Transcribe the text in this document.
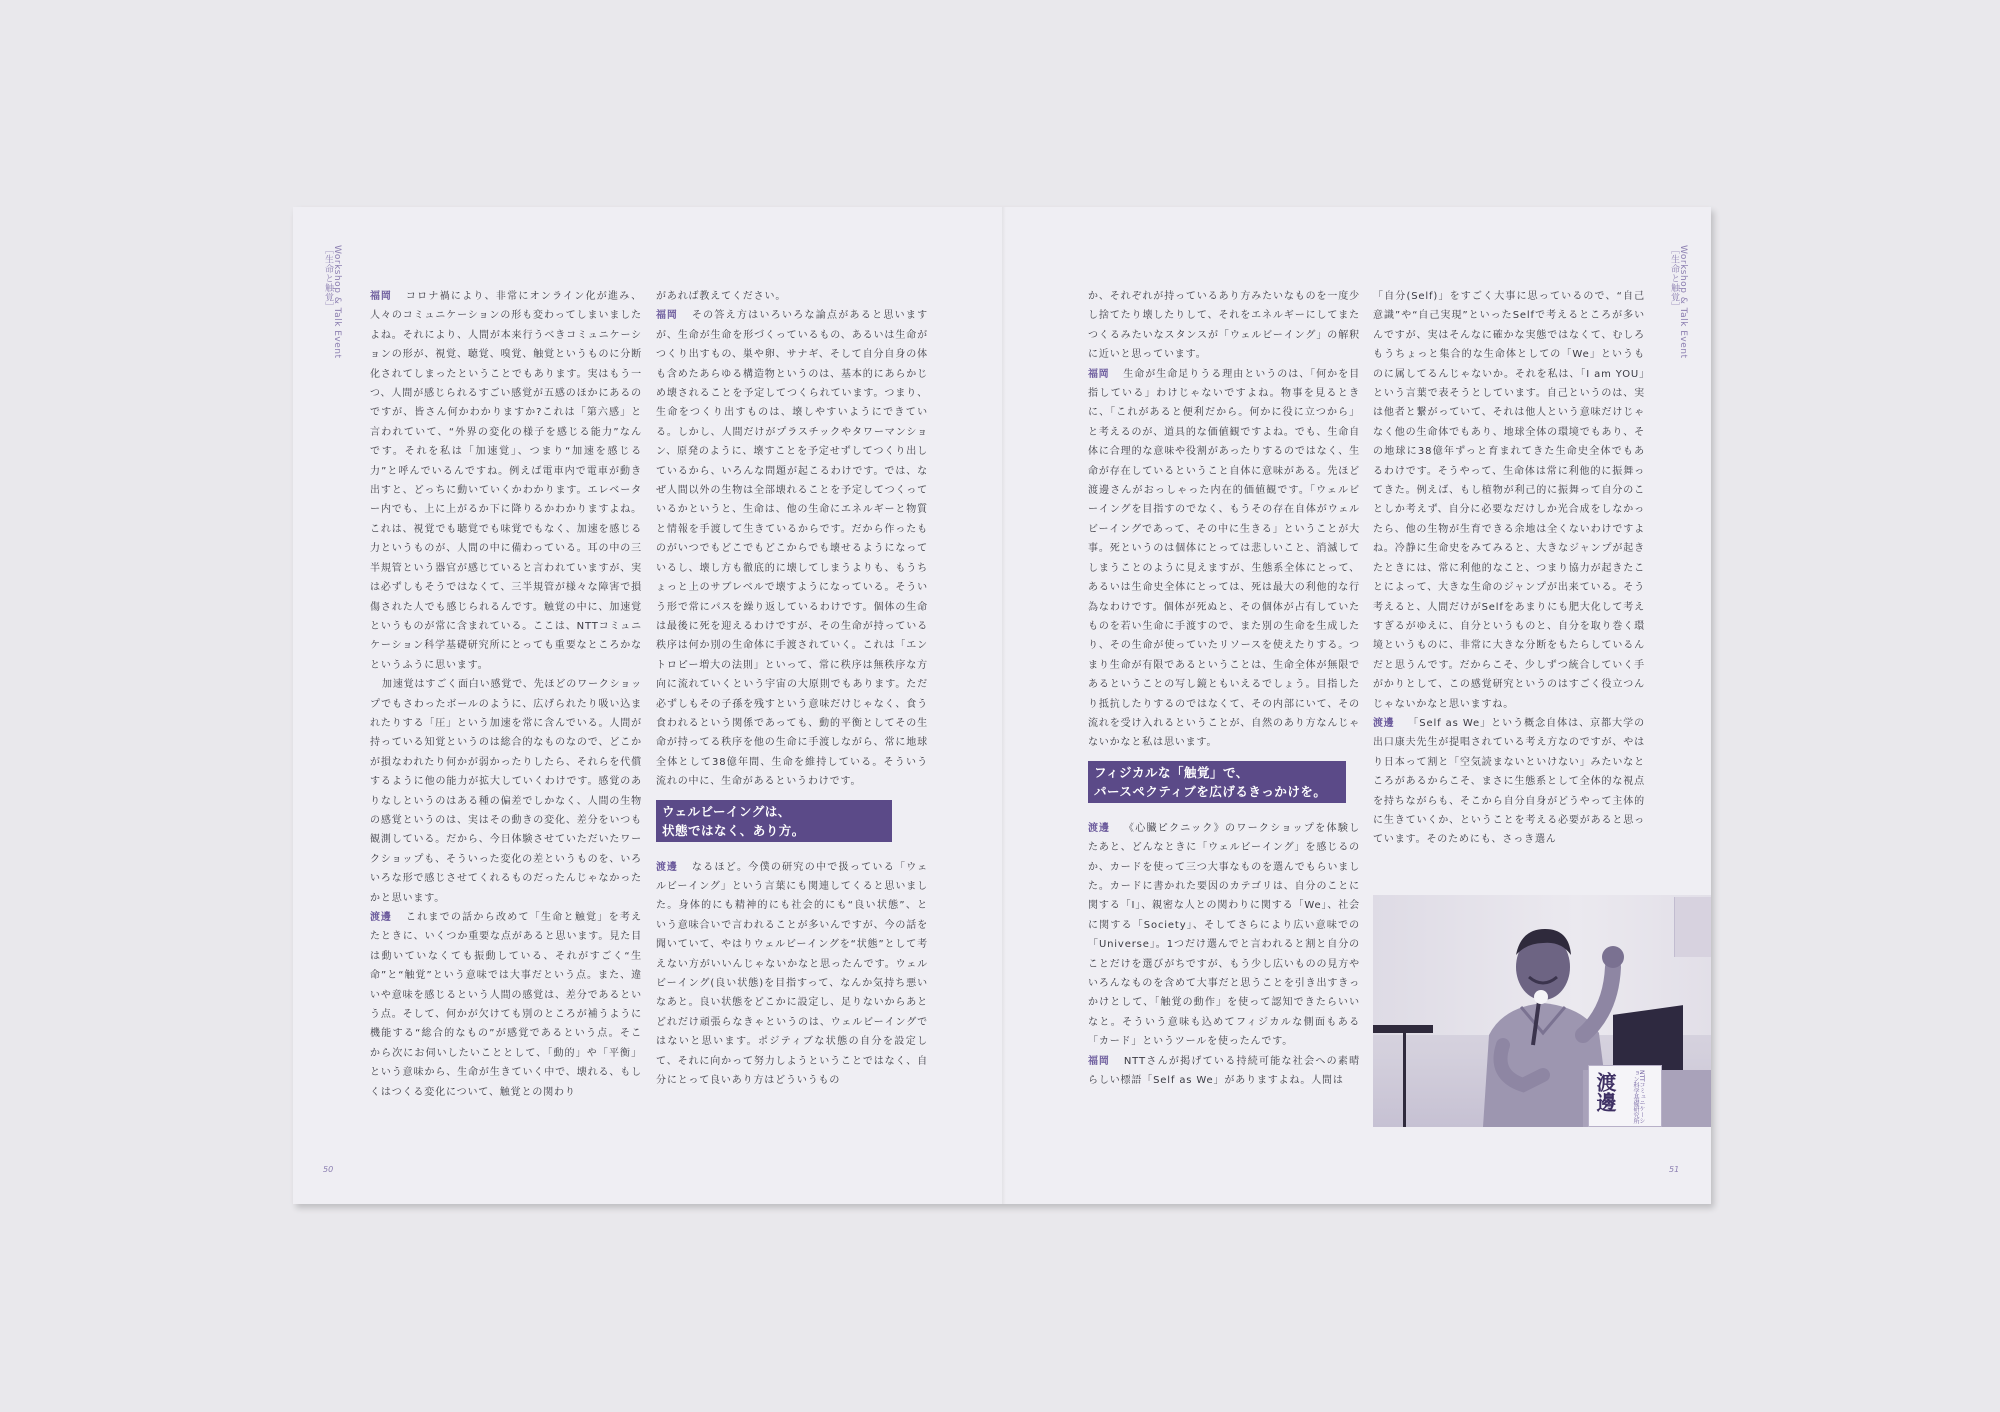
Workshop & Talk Event
［生命と触覚］	Workshop & Talk Event
［生命と触覚］
50	51

福岡 コロナ禍により、非常にオンライン化が進み、人々のコミュニケーションの形も変わってしまいましたよね。それにより、人間が本来行うべきコミュニケーションの形が、視覚、聴覚、嗅覚、触覚というものに分断化されてしまったということでもあります。実はもう一つ、人間が感じられるすごい感覚が五感のほかにあるのですが、皆さん何かわかりますか?これは「第六感」と言われていて、“外界の変化の様子を感じる能力”なんです。それを私は「加速覚」、つまり“加速を感じる力”と呼んでいるんですね。例えば電車内で電車が動き出すと、どっちに動いていくかわかります。エレベーター内でも、上に上がるか下に降りるかわかりますよね。これは、視覚でも聴覚でも味覚でもなく、加速を感じる力というものが、人間の中に備わっている。耳の中の三半規管という器官が感じていると言われていますが、実は必ずしもそうではなくて、三半規管が様々な障害で損傷された人でも感じられるんです。触覚の中に、加速覚というものが常に含まれている。ここは、NTTコミュニケーション科学基礎研究所にとっても重要なところかなというふうに思います。

加速覚はすごく面白い感覚で、先ほどのワークショップでもさわったボールのように、広げられたり吸い込まれたりする「圧」という加速を常に含んでいる。人間が持っている知覚というのは総合的なものなので、どこかが損なわれたり何かが弱かったりしたら、それらを代償するように他の能力が拡大していくわけです。感覚のありなしというのはある種の偏差でしかなく、人間の生物の感覚というのは、実はその動きの変化、差分をいつも観測している。だから、今日体験させていただいたワークショップも、そういった変化の差というものを、いろいろな形で感じさせてくれるものだったんじゃなかったかと思います。

渡邊 これまでの話から改めて「生命と触覚」を考えたときに、いくつか重要な点があると思います。見た目は動いていなくても振動している、それがすごく“生命”と“触覚”という意味では大事だという点。また、違いや意味を感じるという人間の感覚は、差分であるという点。そして、何かが欠けても別のところが補うように機能する“総合的なもの”が感覚であるという点。そこから次にお伺いしたいこととして、「動的」や「平衡」という意味から、生命が生きていく中で、壊れる、もしくはつくる変化について、触覚との関わり

があれば教えてください。

福岡 その答え方はいろいろな論点があると思いますが、生命が生命を形づくっているもの、あるいは生命がつくり出すもの、巣や卵、サナギ、そして自分自身の体も含めたあらゆる構造物というのは、基本的にあらかじめ壊されることを予定してつくられています。つまり、生命をつくり出すものは、壊しやすいようにできている。しかし、人間だけがプラスチックやタワーマンション、原発のように、壊すことを予定せずしてつくり出しているから、いろんな問題が起こるわけです。では、なぜ人間以外の生物は全部壊れることを予定してつくっているかというと、生命は、他の生命にエネルギーと物質と情報を手渡して生きているからです。だから作ったものがいつでもどこでもどこからでも壊せるようになっているし、壊し方も徹底的に壊してしまうよりも、もうちょっと上のサブレベルで壊すようになっている。そういう形で常にパスを繰り返しているわけです。個体の生命は最後に死を迎えるわけですが、その生命が持っている秩序は何か別の生命体に手渡されていく。これは「エントロピー増大の法則」といって、常に秩序は無秩序な方向に流れていくという宇宙の大原則でもあります。ただ必ずしもその子孫を残すという意味だけじゃなく、食う食われるという関係であっても、動的平衡としてその生命が持ってる秩序を他の生命に手渡しながら、常に地球全体として38億年間、生命を維持している。そういう流れの中に、生命があるというわけです。

ウェルビーイングは、
状態ではなく、あり方。

渡邊 なるほど。今僕の研究の中で扱っている「ウェルビーイング」という言葉にも関連してくると思いました。身体的にも精神的にも社会的にも“良い状態”、という意味合いで言われることが多いんですが、今の話を聞いていて、やはりウェルビーイングを“状態”として考えない方がいいんじゃないかなと思ったんです。ウェルビーイング(良い状態)を目指すって、なんか気持ち悪いなあと。良い状態をどこかに設定し、足りないからあとどれだけ頑張らなきゃというのは、ウェルビーイングではないと思います。ポジティブな状態の自分を設定して、それに向かって努力しようということではなく、自分にとって良いあり方はどういうもの

か、それぞれが持っているあり方みたいなものを一度少し捨てたり壊したりして、それをエネルギーにしてまたつくるみたいなスタンスが「ウェルビーイング」の解釈に近いと思っています。

福岡 生命が生命足りうる理由というのは、「何かを目指している」わけじゃないですよね。物事を見るときに、「これがあると便利だから。何かに役に立つから」と考えるのが、道具的な価値観ですよね。でも、生命自体に合理的な意味や役割があったりするのではなく、生命が存在しているということ自体に意味がある。先ほど渡邊さんがおっしゃった内在的価値観です。「ウェルビーイングを目指すのでなく、もうその存在自体がウェルビーイングであって、その中に生きる」ということが大事。死というのは個体にとっては悲しいこと、消滅してしまうことのように見えますが、生態系全体にとって、あるいは生命史全体にとっては、死は最大の利他的な行為なわけです。個体が死ぬと、その個体が占有していたものを若い生命に手渡すので、また別の生命を生成したり、その生命が使っていたリソースを使えたりする。つまり生命が有限であるということは、生命全体が無限であるということの写し鏡ともいえるでしょう。目指したり抵抗したりするのではなくて、その内部にいて、その流れを受け入れるということが、自然のあり方なんじゃないかなと私は思います。

フィジカルな「触覚」で、
パースペクティブを広げるきっかけを。

渡邊 《心臓ピクニック》のワークショップを体験したあと、どんなときに「ウェルビーイング」を感じるのか、カードを使って三つ大事なものを選んでもらいました。カードに書かれた要因のカテゴリは、自分のことに関する「I」、親密な人との関わりに関する「We」、社会に関する「Society」、そしてさらにより広い意味での「Universe」。1つだけ選んでと言われると割と自分のことだけを選びがちですが、もう少し広いものの見方やいろんなものを含めて大事だと思うことを引き出すきっかけとして、「触覚の動作」を使って認知できたらいいなと。そういう意味も込めてフィジカルな側面もある「カード」というツールを使ったんです。

福岡 NTTさんが掲げている持続可能な社会への素晴らしい標語「Self as We」がありますよね。人間は

「自分(Self)」をすごく大事に思っているので、“自己意識”や“自己実現”といったSelfで考えるところが多いんですが、実はそんなに確かな実態ではなくて、むしろもうちょっと集合的な生命体としての「We」というものに属してるんじゃないか。それを私は、「I am YOU」という言葉で表そうとしています。自己というのは、実は他者と繋がっていて、それは他人という意味だけじゃなく他の生命体でもあり、地球全体の環境でもあり、その地球に38億年ずっと育まれてきた生命史全体でもあるわけです。そうやって、生命体は常に利他的に振舞ってきた。例えば、もし植物が利己的に振舞って自分のことしか考えず、自分に必要なだけしか光合成をしなかったら、他の生物が生育できる余地は全くないわけですよね。冷静に生命史をみてみると、大きなジャンプが起きたときには、常に利他的なこと、つまり協力が起きたことによって、大きな生命のジャンプが出来ている。そう考えると、人間だけがSelfをあまりにも肥大化して考えすぎるがゆえに、自分というものと、自分を取り巻く環境というものに、非常に大きな分断をもたらしているんだと思うんです。だからこそ、少しずつ統合していく手がかりとして、この感覚研究というのはすごく役立つんじゃないかなと思いますね。

渡邊 「Self as We」という概念自体は、京都大学の出口康夫先生が提唱されている考え方なのですが、やはり日本って割と「空気読まないといけない」みたいなところがあるからこそ、まさに生態系として全体的な視点を持ちながらも、そこから自分自身がどうやって主体的に生きていくか、ということを考える必要があると思っています。そのためにも、さっき選ん

渡邊	NTTコミュニケーション科学基礎研究所
